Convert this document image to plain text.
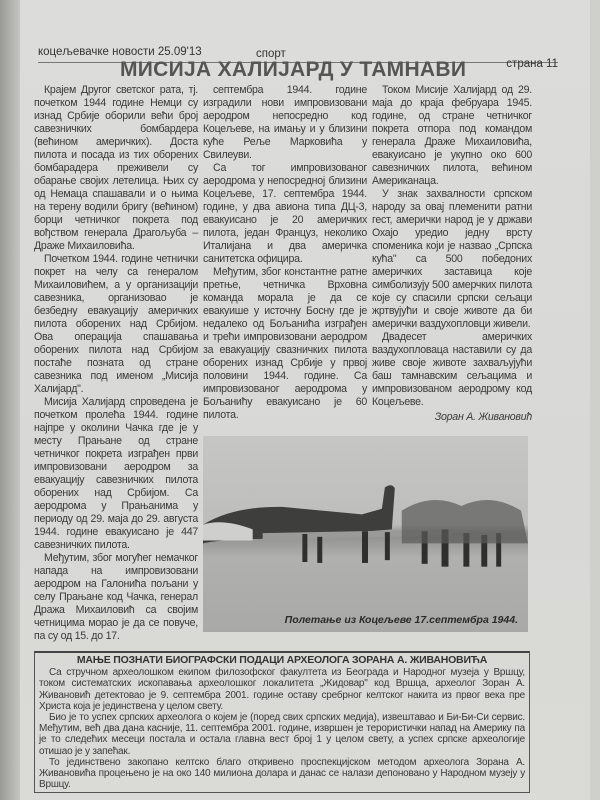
коцељевачке новости 25.09'13	спорт
страна 11
МИСИЈА ХАЛИЈАРД У ТАМНАВИ

Крајем Другог светског рата, тј. почетком 1944 године Немци су изнад Србије оборили већи број савезничких бомбардера (већином америчких). Доста пилота и посада из тих оборених бомбарадера преживели су обарање својих летелица. Њих су од Немаца спашавали и о њима на терену водили бригу (већином) борци четничког покрета под вођством генерала Драгољуба – Драже Михаиловића.

Почетком 1944. године четнички покрет на челу са генералом Михаиловићем, а у организацији савезника, организовао је безбедну евакуацију америчких пилота оборених над Србијом. Ова операција спашавања оборених пилота над Србијом постаће позната од стране савезника под именом „Мисија Халијард".

Мисија Халијард спроведена је почетком пролећа 1944. године најпре у околини Чачка где је у месту Прањане од стране четничког покрета изграђен први импровизовани аеродром за евакуацију савезничких пилота оборених над Србијом. Са аеродрома у Прањанима у периоду од 29. маја до 29. августа 1944. године евакуисано је 447 савезничких пилота.

Међутим, због могућег немачког напада на импровизовани аеродром на Галонића пољани у селу Прањане код Чачка, генерал Дража Михаиловић са својим четницима морао је да се повуче, па су од 15. до 17.

септембра 1944. године изградили нови импровизовани аеродром непосредно код Коцељеве, на имању и у близини куће Реље Марковића у Свилеуви.

Са тог импровизованог аеродрома у непосредној близини Коцељеве, 17. септембра 1944. године, у два авиона типа ДЦ-3, евакуисано је 20 америчких пилота, један Француз, неколико Италијана и два америчка санитетска официра.

Међутим, због константне ратне претње, четничка Врховна команда морала је да се евакуише у источну Босну где је недалеко од Бољанића изграђен и трећи импровизовани аеродром за евакуацију свазничких пилота оборених изнад Србије у првој половини 1944. године. Са импровизованог аеродрома у Бољанићу евакуисано је 60 пилота.

Током Мисије Халијард од 29. маја до краја фебруара 1945. године, од стране четничког покрета отпора под командом генерала Драже Михаиловића, евакуисано је укупно око 600 савезничких пилота, већином Американаца.

У знак захвалности српском народу за овај племенити ратни гест, амерички народ је у држави Охајо уредио једну врсту споменика који је назвао „Српска кућа" са 500 победоних америчких заставица које симболизују 500 амерчких пилота које су спасили српски сељаци жртвујући и своје животе да би амерички ваздухопловци живели.

Двадесет америчких ваздухопловаца наставили су да живе своје животе захваљујући баш тамнавским сељацима и импровизованом аеродрому код Коцељеве.

Зоран А. Живановић
Полетање из Коцељеве 17.септембра 1944.
МАЊЕ ПОЗНАТИ БИОГРАФСКИ ПОДАЦИ АРХЕОЛОГА ЗОРАНА А. ЖИВАНОВИЋА

Са стручном археолошком екипом филозофског факултета из Београда и Народног музеја у Вршцу, током систематских ископавања археолошког локалитета „Жидовар" код Вршца, археолог Зоран А. Живановић детектовао је 9. септембра 2001. године оставу сребрног келтског накита из првог века пре Христа која је јединствена у целом свету.

Био је то успех српских археолога о којем је (поред свих српских медија), извештавао и Би-Би-Си сервис. Међутим, већ два дана касније, 11. септембра 2001. године, извршен је терористички напад на Америку па је то следећих месеци постала и остала главна вест број 1 у целом свету, а успех српске археологије отишао је у запећак.

То јединствено закопано келтско благо откривено проспекцијском методом археолога Зорана А. Живановића процењено је на око 140 милиона долара и данас се налази депоновано у Народном музеју у Вршцу.
